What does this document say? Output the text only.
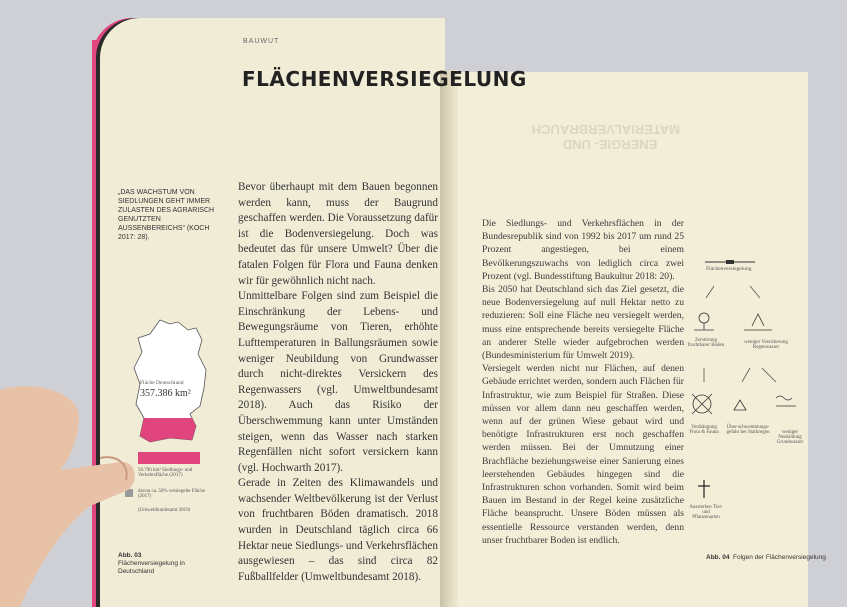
BAUWUT
FLÄCHENVERSIEGELUNG
„DAS WACHSTUM VON SIEDLUNGEN GEHT IMMER ZULASTEN DES AGRARISCH GENUTZTEN AUSSENBEREICHS“ (KOCH 2017: 28).

Bevor überhaupt mit dem Bauen begonnen werden kann, muss der Baugrund geschaffen werden. Die Voraussetzung dafür ist die Bodenversiegelung. Doch was bedeutet das für unsere Umwelt? Über die fatalen Folgen für Flora und Fauna denken wir für gewöhnlich nicht nach.

Unmittelbare Folgen sind zum Beispiel die Einschränkung der Lebens- und Bewegungsräume von Tieren, erhöhte Lufttemperaturen in Ballungsräumen sowie weniger Neubildung von Grundwasser durch nicht-direktes Versickern des Regenwassers (vgl. Umweltbundesamt 2018). Auch das Risiko der Überschwemmung kann unter Umständen steigen, wenn das Wasser nach starken Regenfällen nicht sofort versickern kann (vgl. Hochwarth 2017).

Gerade in Zeiten des Klimawandels und wachsender Weltbevölkerung ist der Verlust von fruchtbaren Böden dramatisch. 2018 wurden in Deutschland täglich circa 66 Hektar neue Siedlungs- und Verkehrsflächen ausgewiesen – das sind circa 82 Fußballfelder (Umweltbundesamt 2018).

Fläche Deutschland
357.386 km²
50.790 km² Siedlungs- und Verkehrsfläche (2017)
davon ca. 50% versiegelte Fläche (2017)
(Umweltbundesamt 2019)
Abb. 03
Flächenversiegelung in Deutschland
ENERGIE- UND MATERIALVERBRAUCH

Die Siedlungs- und Verkehrsflächen in der Bundesrepublik sind von 1992 bis 2017 um rund 25 Prozent angestiegen, bei einem Bevölkerungszuwachs von lediglich circa zwei Prozent (vgl. Bundesstiftung Baukultur 2018: 20).

Bis 2050 hat Deutschland sich das Ziel gesetzt, die neue Bodenversiegelung auf null Hektar netto zu reduzieren: Soll eine Fläche neu versiegelt werden, muss eine entsprechende bereits versiegelte Fläche an anderer Stelle wieder aufgebrochen werden (Bundesministerium für Umwelt 2019).

Versiegelt werden nicht nur Flächen, auf denen Gebäude errichtet werden, sondern auch Flächen für Infrastruktur, wie zum Beispiel für Straßen. Diese müssen vor allem dann neu geschaffen werden, wenn auf der grünen Wiese gebaut wird und benötigte Infrastrukturen erst noch geschaffen werden müssen. Bei der Umnutzung einer Brachfläche beziehungsweise einer Sanierung eines leerstehenden Gebäudes hingegen sind die Infrastrukturen schon vorhanden. Somit wird beim Bauen im Bestand in der Regel keine zusätzliche Fläche beansprucht. Unsere Böden müssen als essentielle Ressource verstanden werden, denn unser fruchtbarer Boden ist endlich.

Flächenversiegelung
Zerstörung fruchtbarer Böden
weniger Versickerung Regenwasser
Verdrängung Flora & Fauna
Über-schwemmungs-gefahr bei Starkregen	weniger Neubildung Grundwasser
Aussterben Tier- und Pflanzenarten
Abb. 04 Folgen der Flächenversiegelung
